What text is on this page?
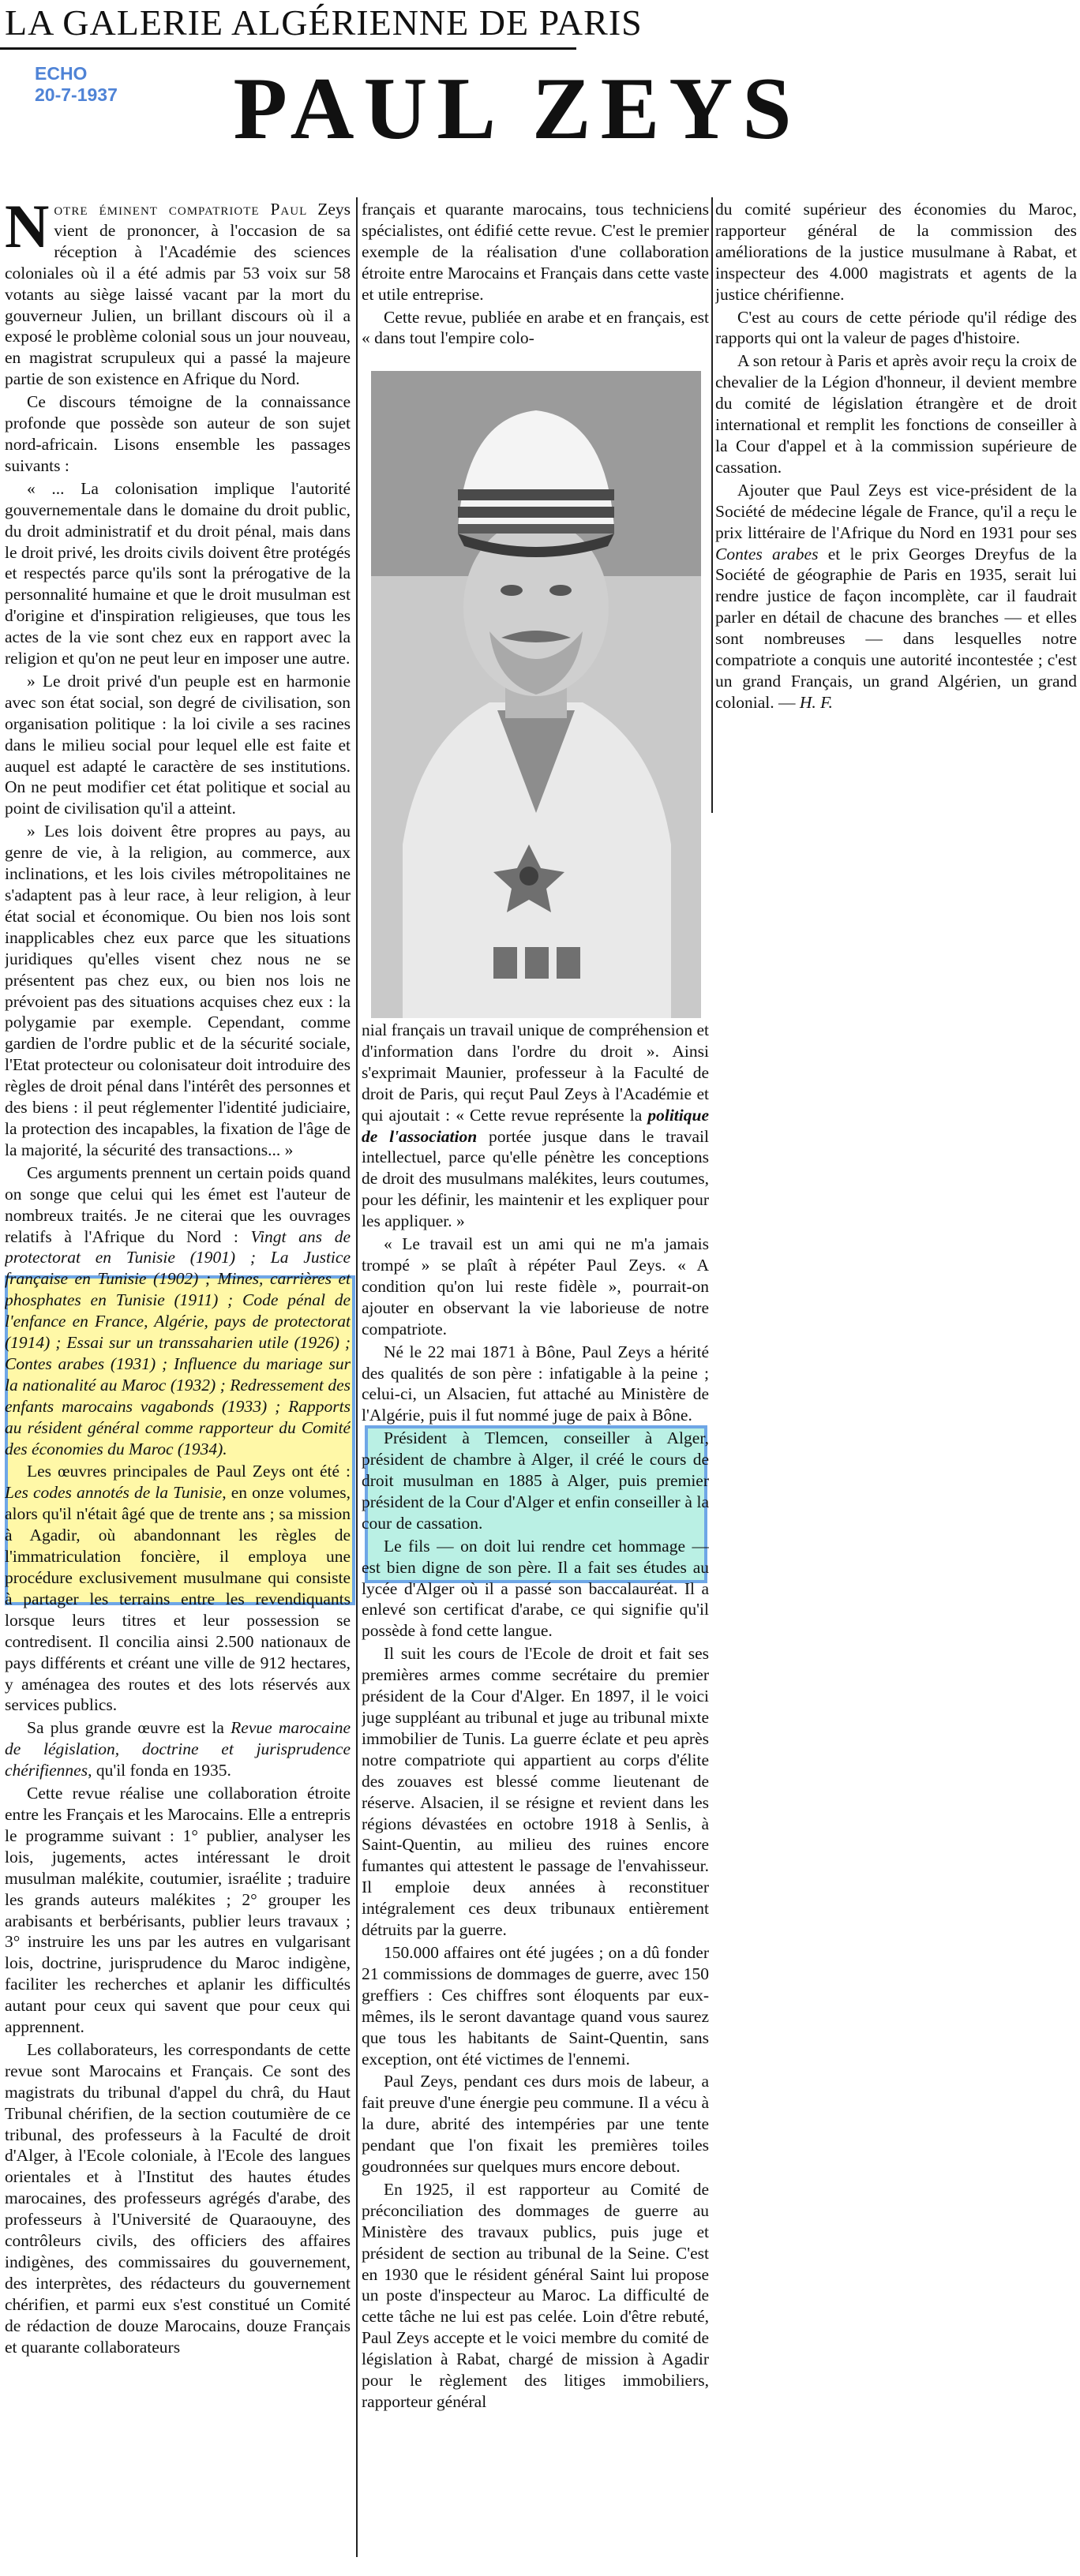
LA GALERIE ALGÉRIENNE DE PARIS
ECHO
20-7-1937	PAUL ZEYS

Notre éminent compatriote Paul Zeys vient de prononcer, à l'occasion de sa réception à l'Académie des sciences coloniales où il a été admis par 53 voix sur 58 votants au siège laissé vacant par la mort du gouverneur Julien, un brillant discours où il a exposé le problème colonial sous un jour nouveau, en magistrat scrupuleux qui a passé la majeure partie de son existence en Afrique du Nord.

Ce discours témoigne de la connaissance profonde que possède son auteur de son sujet nord-africain. Lisons ensemble les passages suivants :

« ... La colonisation implique l'autorité gouvernementale dans le domaine du droit public, du droit administratif et du droit pénal, mais dans le droit privé, les droits civils doivent être protégés et respectés parce qu'ils sont la prérogative de la personnalité humaine et que le droit musulman est d'origine et d'inspiration religieuses, que tous les actes de la vie sont chez eux en rapport avec la religion et qu'on ne peut leur en imposer une autre.

» Le droit privé d'un peuple est en harmonie avec son état social, son degré de civilisation, son organisation politique : la loi civile a ses racines dans le milieu social pour lequel elle est faite et auquel est adapté le caractère de ses institutions. On ne peut modifier cet état politique et social au point de civilisation qu'il a atteint.

» Les lois doivent être propres au pays, au genre de vie, à la religion, au commerce, aux inclinations, et les lois civiles métropolitaines ne s'adaptent pas à leur race, à leur religion, à leur état social et économique. Ou bien nos lois sont inapplicables chez eux parce que les situations juridiques qu'elles visent chez nous ne se présentent pas chez eux, ou bien nos lois ne prévoient pas des situations acquises chez eux : la polygamie par exemple. Cependant, comme gardien de l'ordre public et de la sécurité sociale, l'Etat protecteur ou colonisateur doit introduire des règles de droit pénal dans l'intérêt des personnes et des biens : il peut réglementer l'identité judiciaire, la protection des incapables, la fixation de l'âge de la majorité, la sécurité des transactions... »

Ces arguments prennent un certain poids quand on songe que celui qui les émet est l'auteur de nombreux traités. Je ne citerai que les ouvrages relatifs à l'Afrique du Nord : Vingt ans de protectorat en Tunisie (1901) ; La Justice française en Tunisie (1902) ; Mines, carrières et phosphates en Tunisie (1911) ; Code pénal de l'enfance en France, Algérie, pays de protectorat (1914) ; Essai sur un transsaharien utile (1926) ; Contes arabes (1931) ; Influence du mariage sur la nationalité au Maroc (1932) ; Redressement des enfants marocains vagabonds (1933) ; Rapports au résident général comme rapporteur du Comité des économies du Maroc (1934).

Les œuvres principales de Paul Zeys ont été : Les codes annotés de la Tunisie, en onze volumes, alors qu'il n'était âgé que de trente ans ; sa mission à Agadir, où abandonnant les règles de l'immatriculation foncière, il employa une procédure exclusivement musulmane qui consiste à partager les terrains entre les revendiquants lorsque leurs titres et leur possession se contredisent. Il concilia ainsi 2.500 nationaux de pays différents et créant une ville de 912 hectares, y aménagea des routes et des lots réservés aux services publics.

Sa plus grande œuvre est la Revue marocaine de législation, doctrine et jurisprudence chérifiennes, qu'il fonda en 1935.

Cette revue réalise une collaboration étroite entre les Français et les Marocains. Elle a entrepris le programme suivant : 1° publier, analyser les lois, jugements, actes intéressant le droit musulman malékite, coutumier, israélite ; traduire les grands auteurs malékites ; 2° grouper les arabisants et berbérisants, publier leurs travaux ; 3° instruire les uns par les autres en vulgarisant lois, doctrine, jurisprudence du Maroc indigène, faciliter les recherches et aplanir les difficultés autant pour ceux qui savent que pour ceux qui apprennent.

Les collaborateurs, les correspondants de cette revue sont Marocains et Français. Ce sont des magistrats du tribunal d'appel du chrâ, du Haut Tribunal chérifien, de la section coutumière de ce tribunal, des professeurs à la Faculté de droit d'Alger, à l'Ecole coloniale, à l'Ecole des langues orientales et à l'Institut des hautes études marocaines, des professeurs agrégés d'arabe, des professeurs à l'Université de Quaraouyne, des contrôleurs civils, des officiers des affaires indigènes, des commissaires du gouvernement, des interprètes, des rédacteurs du gouvernement chérifien, et parmi eux s'est constitué un Comité de rédaction de douze Marocains, douze Français et quarante collaborateurs

français et quarante marocains, tous techniciens spécialistes, ont édifié cette revue. C'est le premier exemple de la réalisation d'une collaboration étroite entre Marocains et Français dans cette vaste et utile entreprise.

Cette revue, publiée en arabe et en français, est « dans tout l'empire colo-

nial français un travail unique de compréhension et d'information dans l'ordre du droit ». Ainsi s'exprimait Maunier, professeur à la Faculté de droit de Paris, qui reçut Paul Zeys à l'Académie et qui ajoutait : « Cette revue représente la politique de l'association portée jusque dans le travail intellectuel, parce qu'elle pénètre les conceptions de droit des musulmans malékites, leurs coutumes, pour les définir, les maintenir et les expliquer pour les appliquer. »

« Le travail est un ami qui ne m'a jamais trompé » se plaît à répéter Paul Zeys. « A condition qu'on lui reste fidèle », pourrait-on ajouter en observant la vie laborieuse de notre compatriote.

Né le 22 mai 1871 à Bône, Paul Zeys a hérité des qualités de son père : infatigable à la peine ; celui-ci, un Alsacien, fut attaché au Ministère de l'Algérie, puis il fut nommé juge de paix à Bône.

Président à Tlemcen, conseiller à Alger, président de chambre à Alger, il créé le cours de droit musulman en 1885 à Alger, puis premier président de la Cour d'Alger et enfin conseiller à la cour de cassation.

Le fils — on doit lui rendre cet hommage — est bien digne de son père. Il a fait ses études au lycée d'Alger où il a passé son baccalauréat. Il a enlevé son certificat d'arabe, ce qui signifie qu'il possède à fond cette langue.

Il suit les cours de l'Ecole de droit et fait ses premières armes comme secrétaire du premier président de la Cour d'Alger. En 1897, il le voici juge suppléant au tribunal et juge au tribunal mixte immobilier de Tunis. La guerre éclate et peu après notre compatriote qui appartient au corps d'élite des zouaves est blessé comme lieutenant de réserve. Alsacien, il se résigne et revient dans les régions dévastées en octobre 1918 à Senlis, à Saint-Quentin, au milieu des ruines encore fumantes qui attestent le passage de l'envahisseur. Il emploie deux années à reconstituer intégralement ces deux tribunaux entièrement détruits par la guerre.

150.000 affaires ont été jugées ; on a dû fonder 21 commissions de dommages de guerre, avec 150 greffiers : Ces chiffres sont éloquents par eux-mêmes, ils le seront davantage quand vous saurez que tous les habitants de Saint-Quentin, sans exception, ont été victimes de l'ennemi.

Paul Zeys, pendant ces durs mois de labeur, a fait preuve d'une énergie peu commune. Il a vécu à la dure, abrité des intempéries par une tente pendant que l'on fixait les premières toiles goudronnées sur quelques murs encore debout.

En 1925, il est rapporteur au Comité de préconciliation des dommages de guerre au Ministère des travaux publics, puis juge et président de section au tribunal de la Seine. C'est en 1930 que le résident général Saint lui propose un poste d'inspecteur au Maroc. La difficulté de cette tâche ne lui est pas celée. Loin d'être rebuté, Paul Zeys accepte et le voici membre du comité de législation à Rabat, chargé de mission à Agadir pour le règlement des litiges immobiliers, rapporteur général

du comité supérieur des économies du Maroc, rapporteur général de la commission des améliorations de la justice musulmane à Rabat, et inspecteur des 4.000 magistrats et agents de la justice chérifienne.

C'est au cours de cette période qu'il rédige des rapports qui ont la valeur de pages d'histoire.

A son retour à Paris et après avoir reçu la croix de chevalier de la Légion d'honneur, il devient membre du comité de législation étrangère et de droit international et remplit les fonctions de conseiller à la Cour d'appel et à la commission supérieure de cassation.

Ajouter que Paul Zeys est vice-président de la Société de médecine légale de France, qu'il a reçu le prix littéraire de l'Afrique du Nord en 1931 pour ses Contes arabes et le prix Georges Dreyfus de la Société de géographie de Paris en 1935, serait lui rendre justice de façon incomplète, car il faudrait parler en détail de chacune des branches — et elles sont nombreuses — dans lesquelles notre compatriote a conquis une autorité incontestée ; c'est un grand Français, un grand Algérien, un grand colonial. — H. F.
